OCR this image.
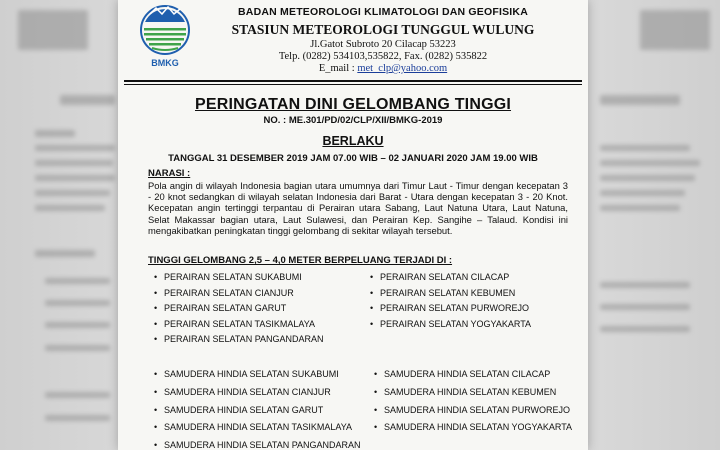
BMKG
BADAN METEOROLOGI KLIMATOLOGI DAN GEOFISIKA
STASIUN METEOROLOGI TUNGGUL WULUNG
Jl.Gatot Subroto 20 Cilacap 53223
Telp. (0282) 534103,535822, Fax. (0282) 535822
E_mail : met_clp@yahoo.com
PERINGATAN DINI GELOMBANG TINGGI
NO. : ME.301/PD/02/CLP/XII/BMKG-2019
BERLAKU
TANGGAL 31 DESEMBER 2019 JAM 07.00 WIB – 02 JANUARI 2020 JAM 19.00 WIB
NARASI :
Pola angin di wilayah Indonesia bagian utara umumnya dari Timur Laut - Timur dengan kecepatan 3 - 20 knot sedangkan di wilayah selatan Indonesia dari Barat - Utara dengan kecepatan 3 - 20 Knot. Kecepatan angin tertinggi terpantau di Perairan utara Sabang, Laut Natuna Utara, Laut Natuna, Selat Makassar bagian utara, Laut Sulawesi, dan Perairan Kep. Sangihe – Talaud. Kondisi ini mengakibatkan peningkatan tinggi gelombang di sekitar wilayah tersebut.
TINGGI GELOMBANG 2,5 – 4,0 METER BERPELUANG TERJADI DI :
• PERAIRAN SELATAN SUKABUMI
• PERAIRAN SELATAN CIANJUR
• PERAIRAN SELATAN GARUT
• PERAIRAN SELATAN TASIKMALAYA
• PERAIRAN SELATAN PANGANDARAN
• PERAIRAN SELATAN CILACAP
• PERAIRAN SELATAN KEBUMEN
• PERAIRAN SELATAN PURWOREJO
• PERAIRAN SELATAN YOGYAKARTA
• SAMUDERA HINDIA SELATAN SUKABUMI
• SAMUDERA HINDIA SELATAN CIANJUR
• SAMUDERA HINDIA SELATAN GARUT
• SAMUDERA HINDIA SELATAN TASIKMALAYA
• SAMUDERA HINDIA SELATAN PANGANDARAN
• SAMUDERA HINDIA SELATAN CILACAP
• SAMUDERA HINDIA SELATAN KEBUMEN
• SAMUDERA HINDIA SELATAN PURWOREJO
• SAMUDERA HINDIA SELATAN YOGYAKARTA
